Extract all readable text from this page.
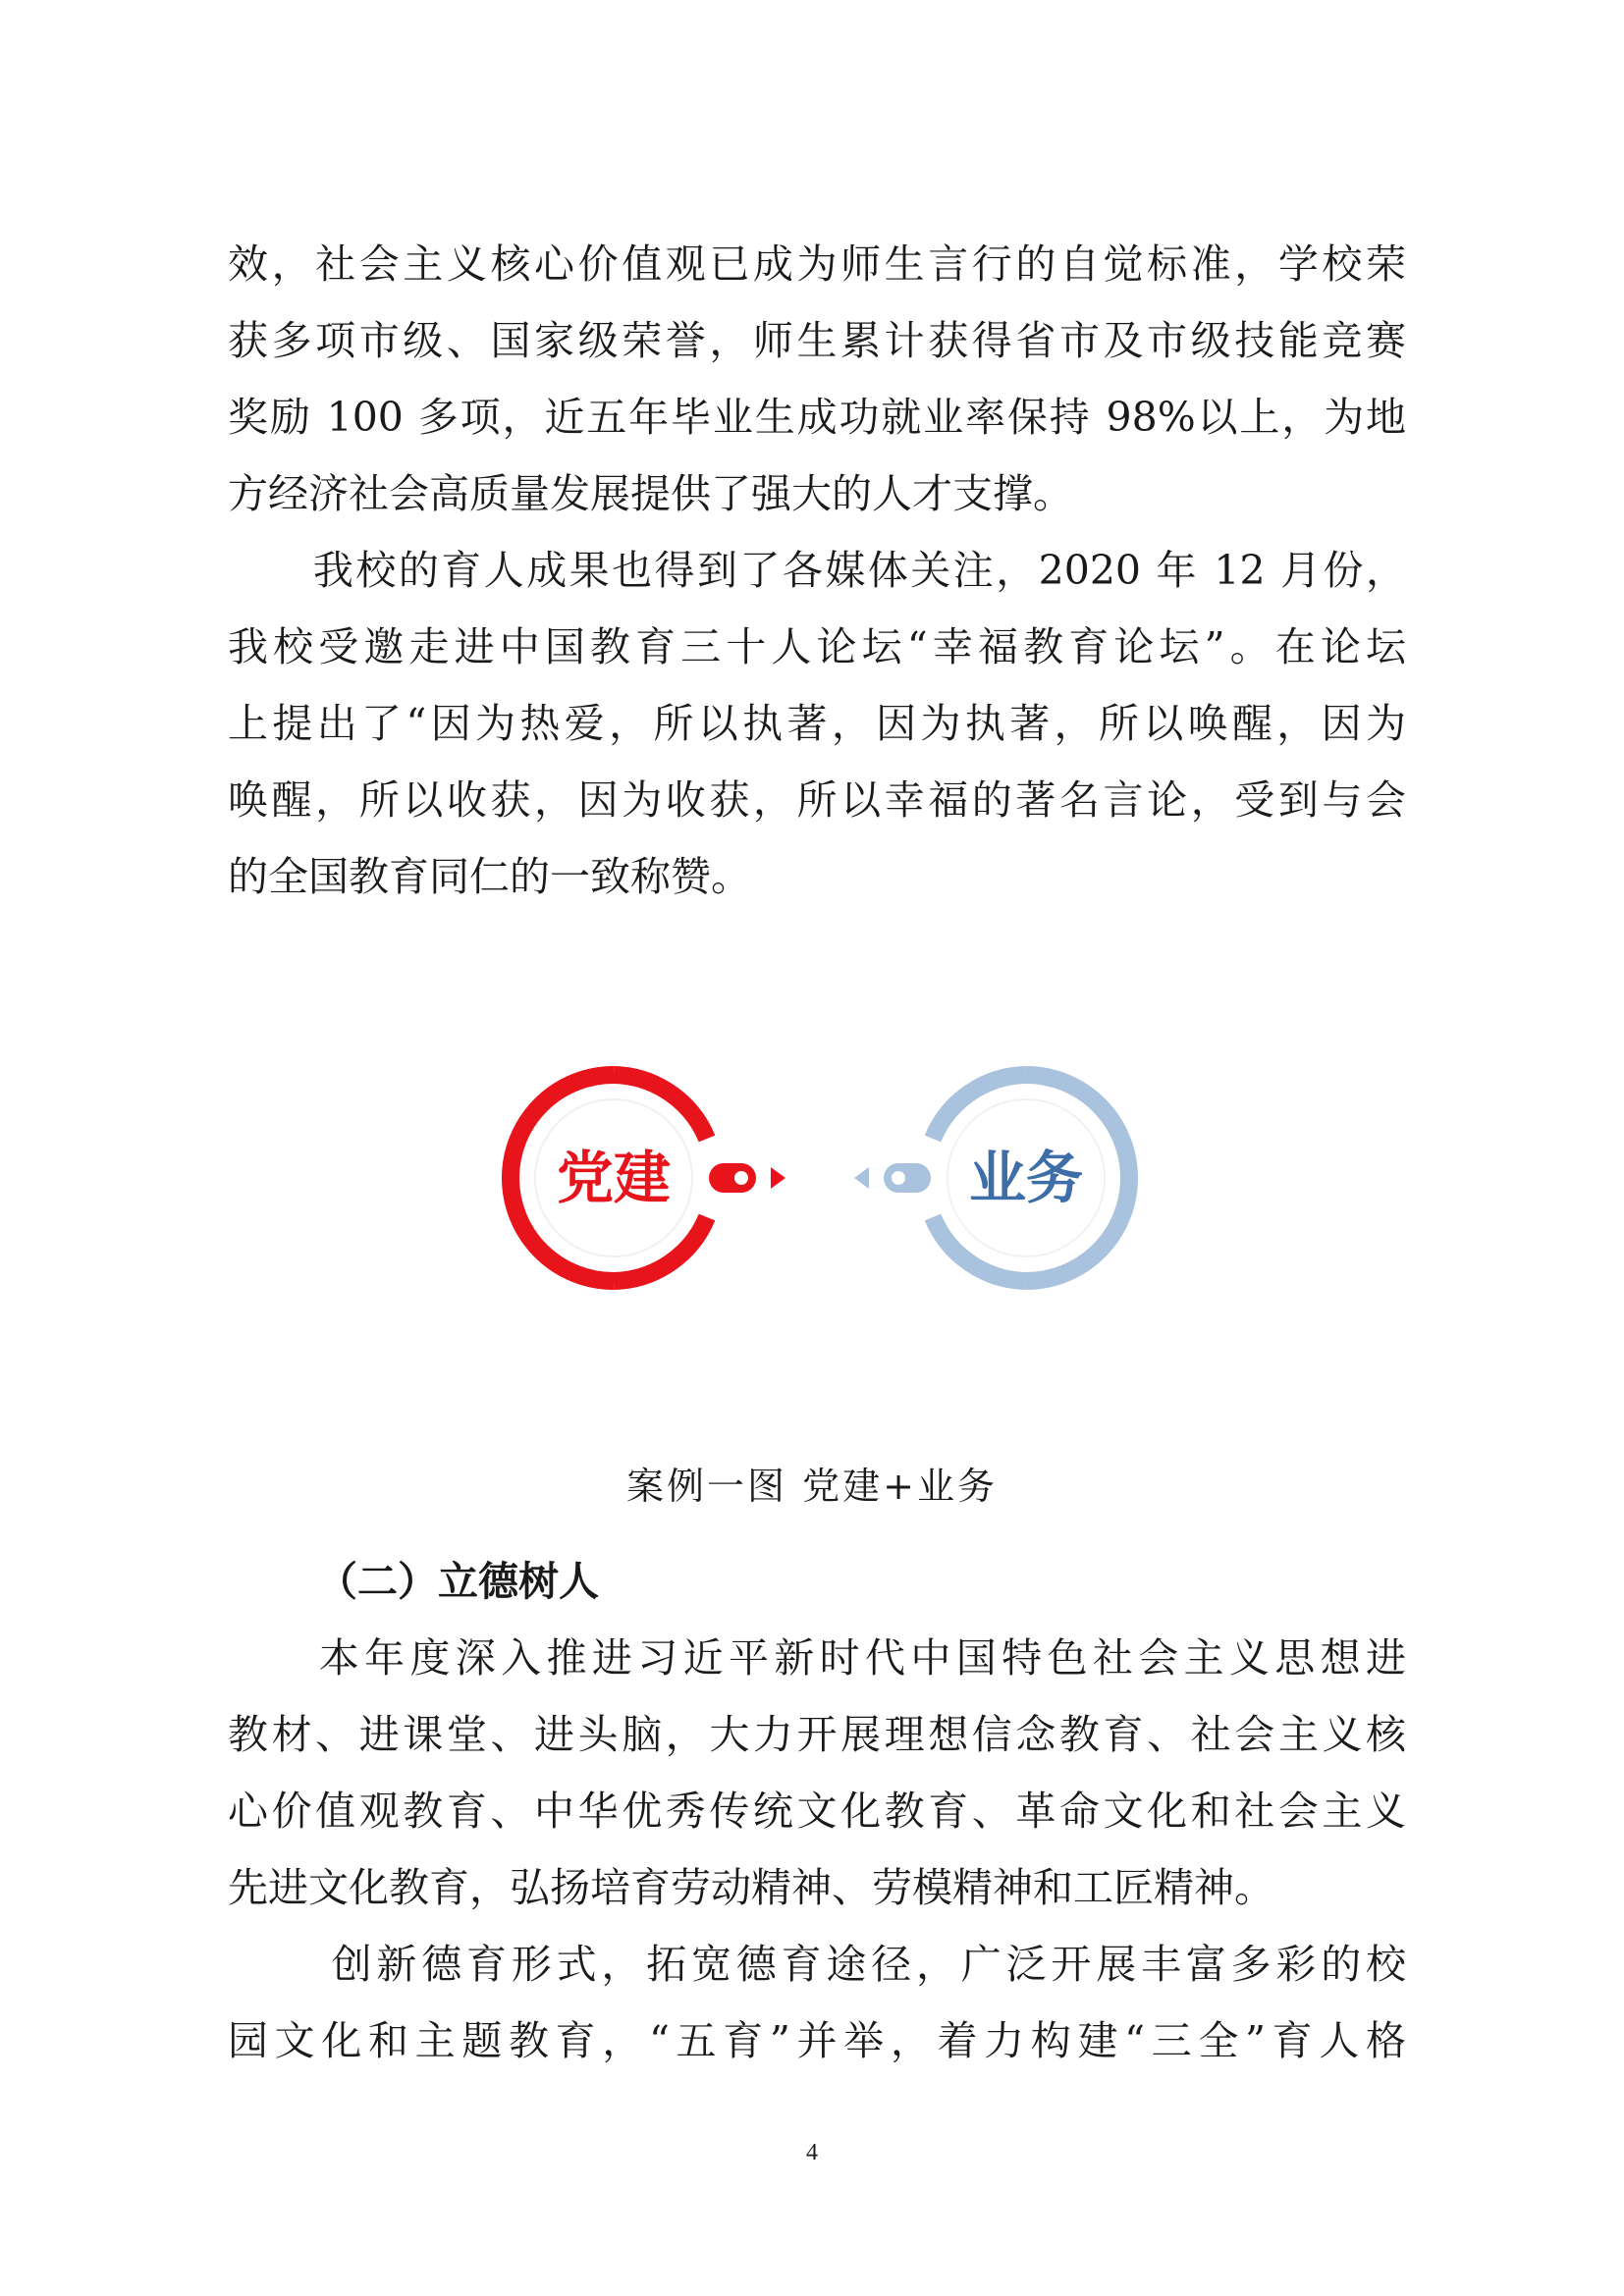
效，社会主义核心价值观已成为师生言行的自觉标准，学校荣
获多项市级、国家级荣誉，师生累计获得省市及市级技能竞赛
奖励 100 多项，近五年毕业生成功就业率保持 98%以上，为地
方经济社会高质量发展提供了强大的人才支撑。
　　我校的育人成果也得到了各媒体关注，2020 年 12 月份，
我校受邀走进中国教育三十人论坛“幸福教育论坛”。在论坛
上提出了“因为热爱，所以执著，因为执著，所以唤醒，因为
唤醒，所以收获，因为收获，所以幸福的著名言论，受到与会
的全国教育同仁的一致称赞。
党建	业务
案例一图 党建+业务
（二）立德树人
　　本年度深入推进习近平新时代中国特色社会主义思想进
教材、进课堂、进头脑，大力开展理想信念教育、社会主义核
心价值观教育、中华优秀传统文化教育、革命文化和社会主义
先进文化教育，弘扬培育劳动精神、劳模精神和工匠精神。
　　创新德育形式，拓宽德育途径，广泛开展丰富多彩的校
园文化和主题教育，“五育”并举，着力构建“三全”育人格
4
